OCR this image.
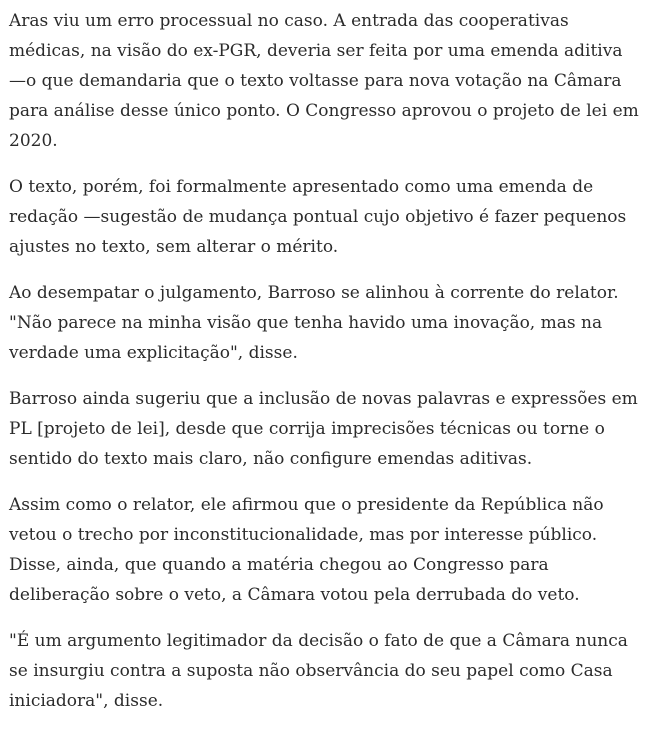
Aras viu um erro processual no caso. A entrada das cooperativas médicas, na visão do ex-PGR, deveria ser feita por uma emenda aditiva —o que demandaria que o texto voltasse para nova votação na Câmara para análise desse único ponto. O Congresso aprovou o projeto de lei em 2020.

O texto, porém, foi formalmente apresentado como uma emenda de redação —sugestão de mudança pontual cujo objetivo é fazer pequenos ajustes no texto, sem alterar o mérito.

Ao desempatar o julgamento, Barroso se alinhou à corrente do relator. "Não parece na minha visão que tenha havido uma inovação, mas na verdade uma explicitação", disse.

Barroso ainda sugeriu que a inclusão de novas palavras e expressões em PL [projeto de lei], desde que corrija imprecisões técnicas ou torne o sentido do texto mais claro, não configure emendas aditivas.

Assim como o relator, ele afirmou que o presidente da República não vetou o trecho por inconstitucionalidade, mas por interesse público. Disse, ainda, que quando a matéria chegou ao Congresso para deliberação sobre o veto, a Câmara votou pela derrubada do veto.

"É um argumento legitimador da decisão o fato de que a Câmara nunca se insurgiu contra a suposta não observância do seu papel como Casa iniciadora", disse.
